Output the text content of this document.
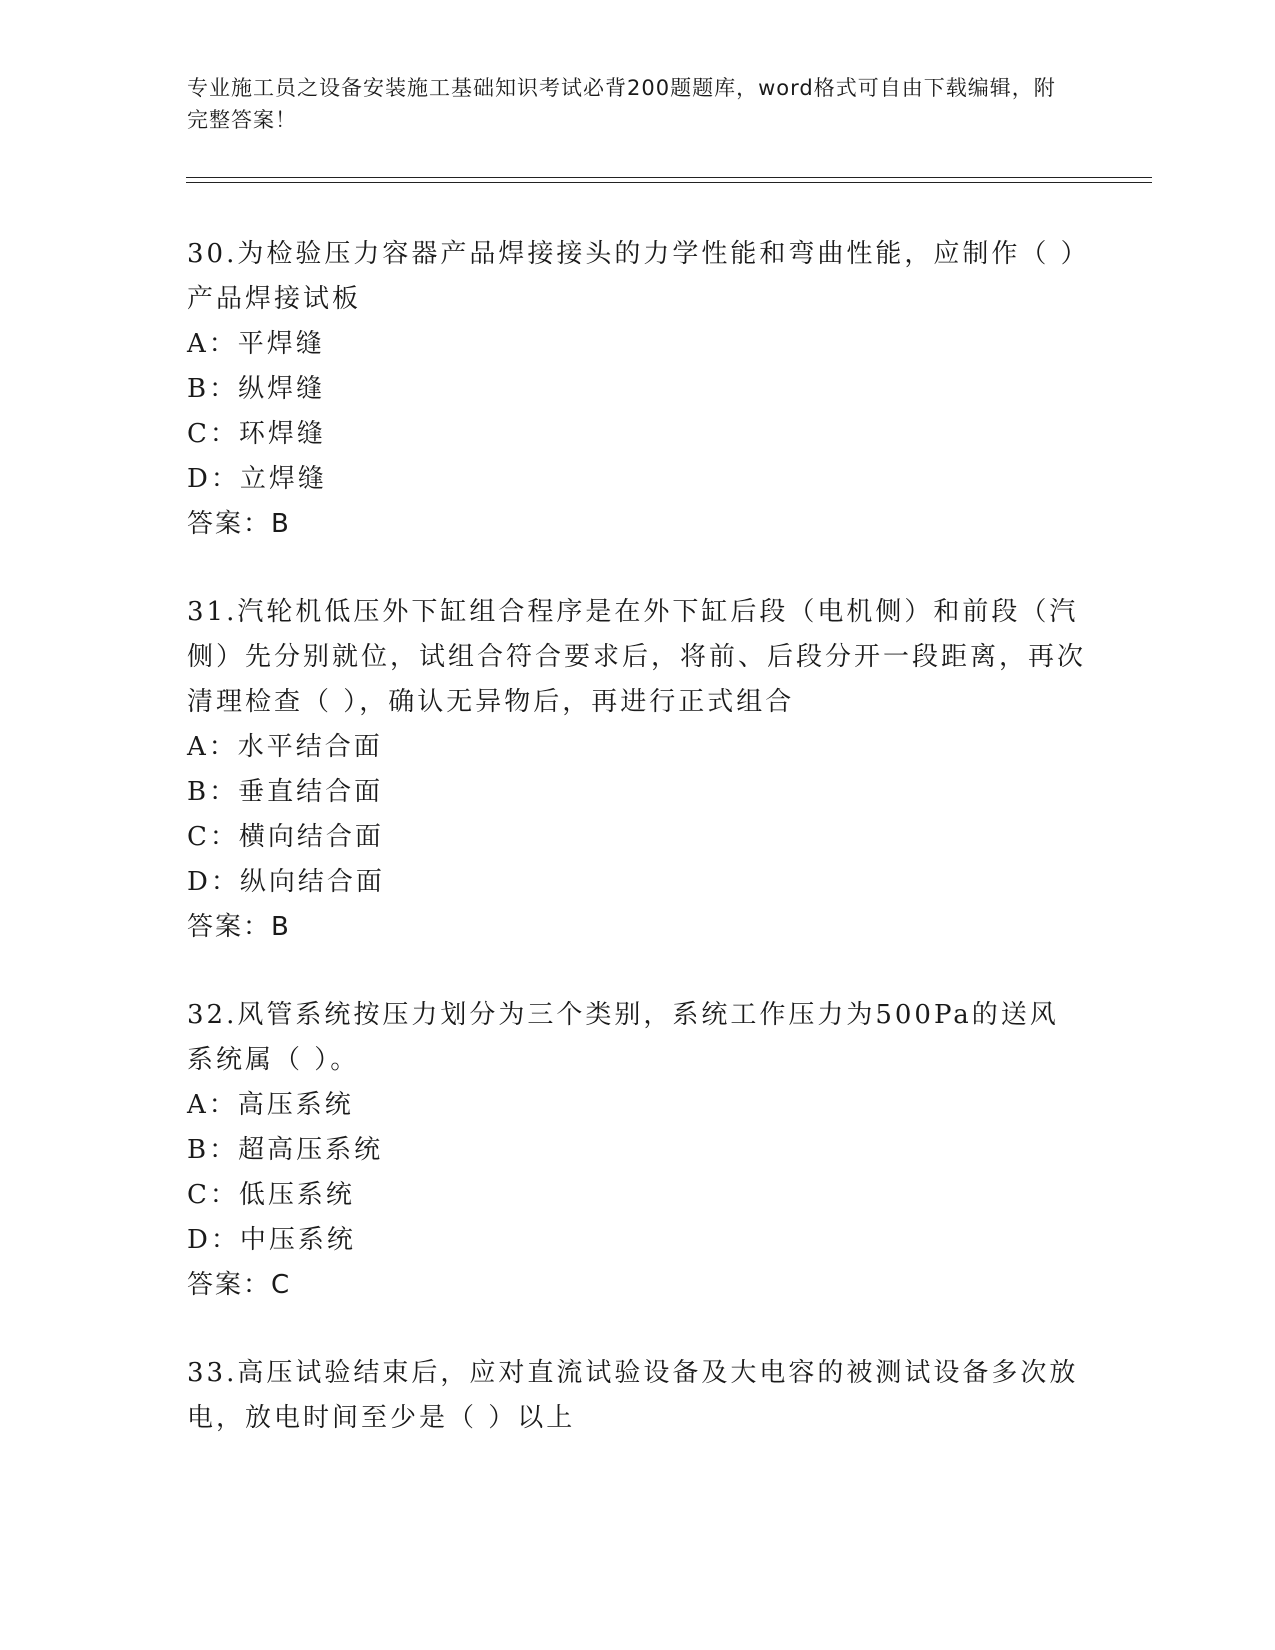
专业施工员之设备安装施工基础知识考试必背200题题库，word格式可自由下载编辑，附完整答案！

30.为检验压力容器产品焊接接头的力学性能和弯曲性能，应制作（ ）产品焊接试板

A：平焊缝

B：纵焊缝

C：环焊缝

D：立焊缝

答案：B

31.汽轮机低压外下缸组合程序是在外下缸后段（电机侧）和前段（汽侧）先分别就位，试组合符合要求后，将前、后段分开一段距离，再次清理检查（ ），确认无异物后，再进行正式组合

A：水平结合面

B：垂直结合面

C：横向结合面

D：纵向结合面

答案：B

32.风管系统按压力划分为三个类别，系统工作压力为500Pa的送风系统属（ ）。

A：高压系统

B：超高压系统

C：低压系统

D：中压系统

答案：C

33.高压试验结束后，应对直流试验设备及大电容的被测试设备多次放电，放电时间至少是（ ）以上
